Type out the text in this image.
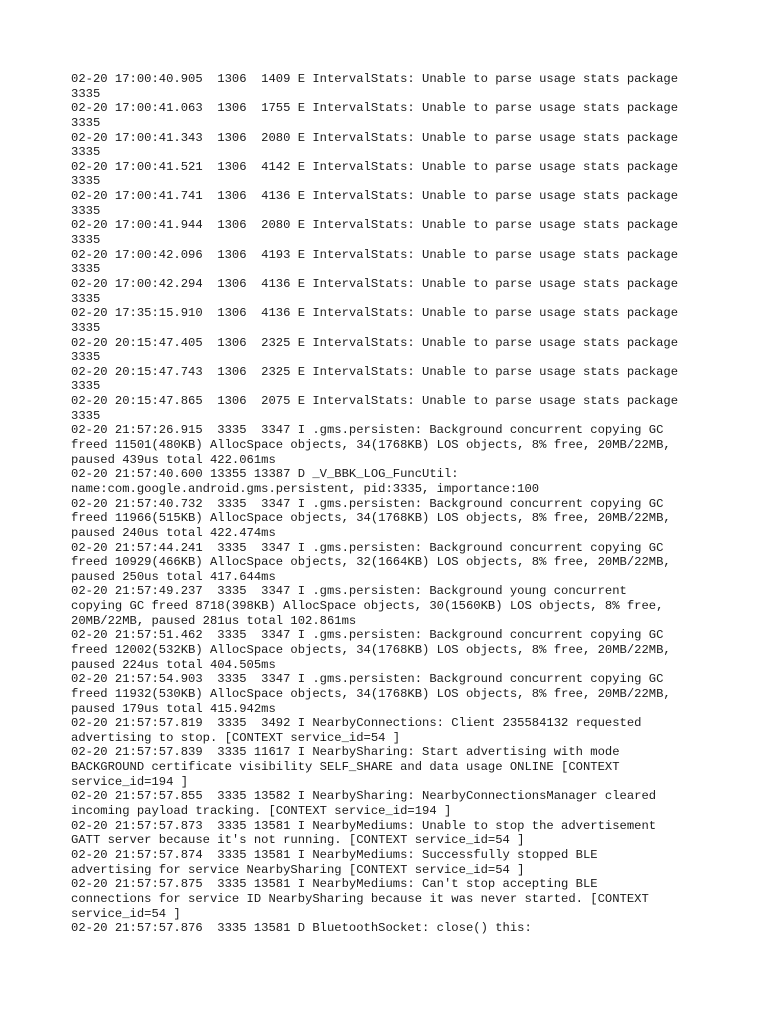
02-20 17:00:40.905  1306  1409 E IntervalStats: Unable to parse usage stats package
3335
02-20 17:00:41.063  1306  1755 E IntervalStats: Unable to parse usage stats package
3335
02-20 17:00:41.343  1306  2080 E IntervalStats: Unable to parse usage stats package
3335
02-20 17:00:41.521  1306  4142 E IntervalStats: Unable to parse usage stats package
3335
02-20 17:00:41.741  1306  4136 E IntervalStats: Unable to parse usage stats package
3335
02-20 17:00:41.944  1306  2080 E IntervalStats: Unable to parse usage stats package
3335
02-20 17:00:42.096  1306  4193 E IntervalStats: Unable to parse usage stats package
3335
02-20 17:00:42.294  1306  4136 E IntervalStats: Unable to parse usage stats package
3335
02-20 17:35:15.910  1306  4136 E IntervalStats: Unable to parse usage stats package
3335
02-20 20:15:47.405  1306  2325 E IntervalStats: Unable to parse usage stats package
3335
02-20 20:15:47.743  1306  2325 E IntervalStats: Unable to parse usage stats package
3335
02-20 20:15:47.865  1306  2075 E IntervalStats: Unable to parse usage stats package
3335
02-20 21:57:26.915  3335  3347 I .gms.persisten: Background concurrent copying GC
freed 11501(480KB) AllocSpace objects, 34(1768KB) LOS objects, 8% free, 20MB/22MB,
paused 439us total 422.061ms
02-20 21:57:40.600 13355 13387 D _V_BBK_LOG_FuncUtil:
name:com.google.android.gms.persistent, pid:3335, importance:100
02-20 21:57:40.732  3335  3347 I .gms.persisten: Background concurrent copying GC
freed 11966(515KB) AllocSpace objects, 34(1768KB) LOS objects, 8% free, 20MB/22MB,
paused 240us total 422.474ms
02-20 21:57:44.241  3335  3347 I .gms.persisten: Background concurrent copying GC
freed 10929(466KB) AllocSpace objects, 32(1664KB) LOS objects, 8% free, 20MB/22MB,
paused 250us total 417.644ms
02-20 21:57:49.237  3335  3347 I .gms.persisten: Background young concurrent
copying GC freed 8718(398KB) AllocSpace objects, 30(1560KB) LOS objects, 8% free,
20MB/22MB, paused 281us total 102.861ms
02-20 21:57:51.462  3335  3347 I .gms.persisten: Background concurrent copying GC
freed 12002(532KB) AllocSpace objects, 34(1768KB) LOS objects, 8% free, 20MB/22MB,
paused 224us total 404.505ms
02-20 21:57:54.903  3335  3347 I .gms.persisten: Background concurrent copying GC
freed 11932(530KB) AllocSpace objects, 34(1768KB) LOS objects, 8% free, 20MB/22MB,
paused 179us total 415.942ms
02-20 21:57:57.819  3335  3492 I NearbyConnections: Client 235584132 requested
advertising to stop. [CONTEXT service_id=54 ]
02-20 21:57:57.839  3335 11617 I NearbySharing: Start advertising with mode
BACKGROUND certificate visibility SELF_SHARE and data usage ONLINE [CONTEXT
service_id=194 ]
02-20 21:57:57.855  3335 13582 I NearbySharing: NearbyConnectionsManager cleared
incoming payload tracking. [CONTEXT service_id=194 ]
02-20 21:57:57.873  3335 13581 I NearbyMediums: Unable to stop the advertisement
GATT server because it's not running. [CONTEXT service_id=54 ]
02-20 21:57:57.874  3335 13581 I NearbyMediums: Successfully stopped BLE
advertising for service NearbySharing [CONTEXT service_id=54 ]
02-20 21:57:57.875  3335 13581 I NearbyMediums: Can't stop accepting BLE
connections for service ID NearbySharing because it was never started. [CONTEXT
service_id=54 ]
02-20 21:57:57.876  3335 13581 D BluetoothSocket: close() this:
